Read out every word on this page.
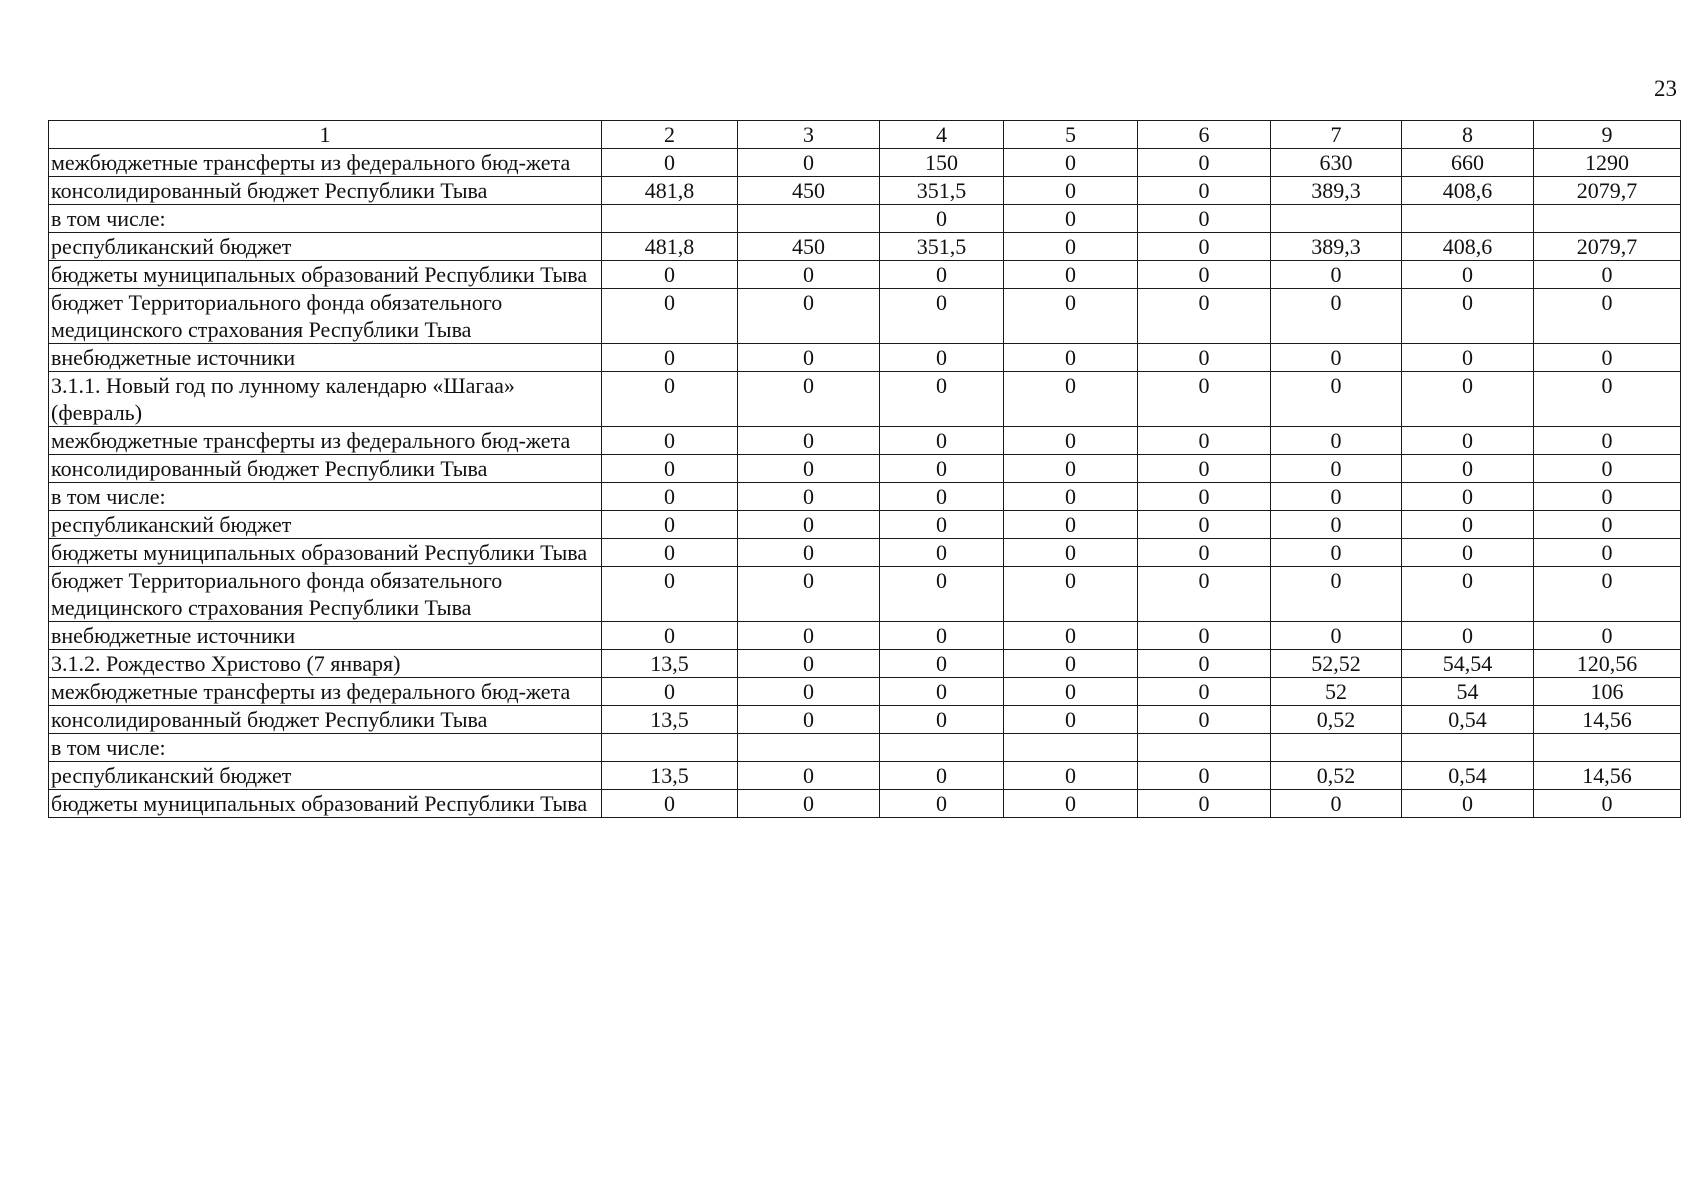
23
1	2	3	4	5	6	7	8	9
межбюджетные трансферты из федерального бюд-жета	0	0	150	0	0	630	660	1290
консолидированный бюджет Республики Тыва	481,8	450	351,5	0	0	389,3	408,6	2079,7
в том числе:			0	0	0			
республиканский бюджет	481,8	450	351,5	0	0	389,3	408,6	2079,7
бюджеты муниципальных образований Республики Тыва	0	0	0	0	0	0	0	0
бюджет Территориального фонда обязательного медицинского страхования Республики Тыва	0	0	0	0	0	0	0	0
внебюджетные источники	0	0	0	0	0	0	0	0
3.1.1. Новый год по лунному календарю «Шагаа» (февраль)	0	0	0	0	0	0	0	0
межбюджетные трансферты из федерального бюд-жета	0	0	0	0	0	0	0	0
консолидированный бюджет Республики Тыва	0	0	0	0	0	0	0	0
в том числе:	0	0	0	0	0	0	0	0
республиканский бюджет	0	0	0	0	0	0	0	0
бюджеты муниципальных образований Республики Тыва	0	0	0	0	0	0	0	0
бюджет Территориального фонда обязательного медицинского страхования Республики Тыва	0	0	0	0	0	0	0	0
внебюджетные источники	0	0	0	0	0	0	0	0
3.1.2. Рождество Христово (7 января)	13,5	0	0	0	0	52,52	54,54	120,56
межбюджетные трансферты из федерального бюд-жета	0	0	0	0	0	52	54	106
консолидированный бюджет Республики Тыва	13,5	0	0	0	0	0,52	0,54	14,56
в том числе:								
республиканский бюджет	13,5	0	0	0	0	0,52	0,54	14,56
бюджеты муниципальных образований Республики Тыва	0	0	0	0	0	0	0	0
